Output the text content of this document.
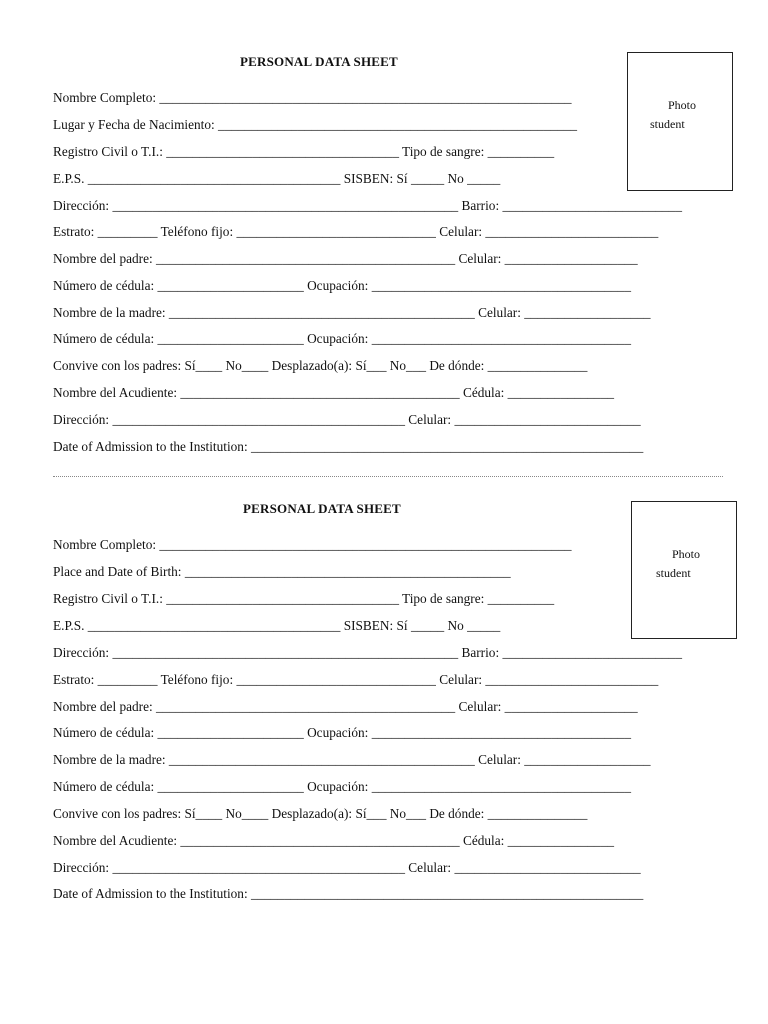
PERSONAL DATA SHEET
Photo
student
Nombre Completo: ______________________________________________________________
Lugar y Fecha de Nacimiento: ______________________________________________________
Registro Civil o T.I.: ___________________________________ Tipo de sangre: __________
E.P.S. ______________________________________ SISBEN: Sí _____ No _____
Dirección: ____________________________________________________ Barrio: ___________________________
Estrato: _________ Teléfono fijo: ______________________________ Celular: __________________________
Nombre del padre: _____________________________________________ Celular: ____________________
Número de cédula: ______________________ Ocupación: _______________________________________
Nombre de la madre: ______________________________________________ Celular: ___________________
Número de cédula: ______________________ Ocupación: _______________________________________
Convive con los padres: Sí____ No____ Desplazado(a): Sí___ No___ De dónde: _______________
Nombre del Acudiente: __________________________________________ Cédula: ________________
Dirección: ____________________________________________ Celular: ____________________________
Date of Admission to the Institution: ___________________________________________________________
PERSONAL DATA SHEET
Photo
student
Nombre Completo: ______________________________________________________________
Place and Date of Birth: _________________________________________________
Registro Civil o T.I.: ___________________________________ Tipo de sangre: __________
E.P.S. ______________________________________ SISBEN: Sí _____ No _____
Dirección: ____________________________________________________ Barrio: ___________________________
Estrato: _________ Teléfono fijo: ______________________________ Celular: __________________________
Nombre del padre: _____________________________________________ Celular: ____________________
Número de cédula: ______________________ Ocupación: _______________________________________
Nombre de la madre: ______________________________________________ Celular: ___________________
Número de cédula: ______________________ Ocupación: _______________________________________
Convive con los padres: Sí____ No____ Desplazado(a): Sí___ No___ De dónde: _______________
Nombre del Acudiente: __________________________________________ Cédula: ________________
Dirección: ____________________________________________ Celular: ____________________________
Date of Admission to the Institution: ___________________________________________________________
